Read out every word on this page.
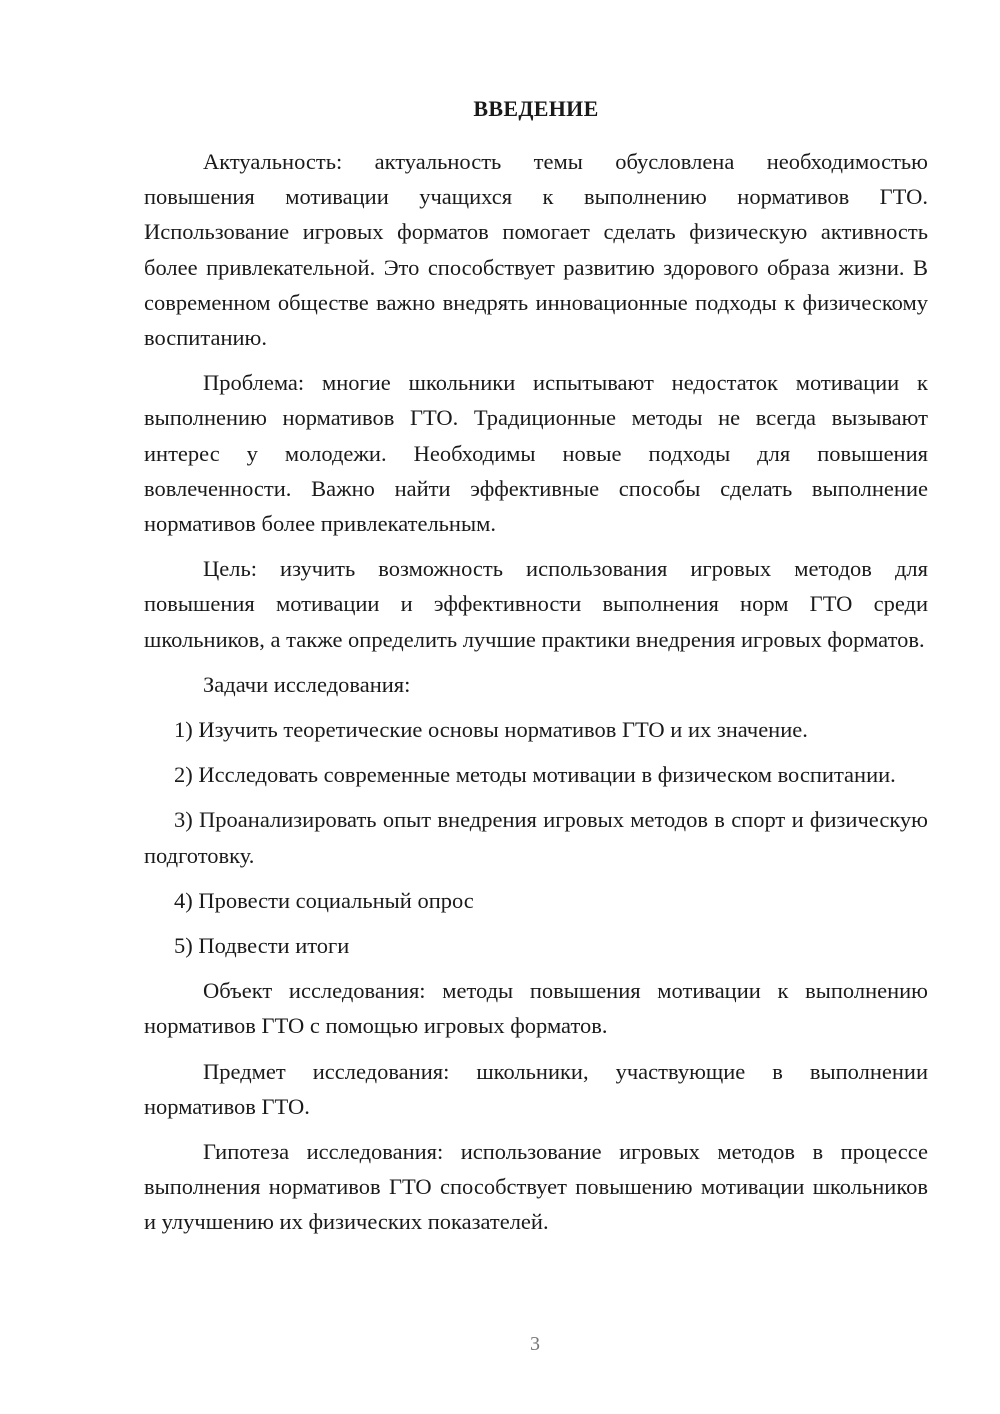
ВВЕДЕНИЕ

Актуальность: актуальность темы обусловлена необходимостью повышения мотивации учащихся к выполнению нормативов ГТО. Использование игровых форматов помогает сделать физическую активность более привлекательной. Это способствует развитию здорового образа жизни. В современном обществе важно внедрять инновационные подходы к физическому воспитанию.

Проблема: многие школьники испытывают недостаток мотивации к выполнению нормативов ГТО. Традиционные методы не всегда вызывают интерес у молодежи. Необходимы новые подходы для повышения вовлеченности. Важно найти эффективные способы сделать выполнение нормативов более привлекательным.

Цель: изучить возможность использования игровых методов для повышения мотивации и эффективности выполнения норм ГТО среди школьников, а также определить лучшие практики внедрения игровых форматов.

Задачи исследования:

1) Изучить теоретические основы нормативов ГТО и их значение.

2) Исследовать современные методы мотивации в физическом воспитании.

3) Проанализировать опыт внедрения игровых методов в спорт и физическую подготовку.

4) Провести социальный опрос

5) Подвести итоги

Объект исследования: методы повышения мотивации к выполнению нормативов ГТО с помощью игровых форматов.

Предмет исследования: школьники, участвующие в выполнении нормативов ГТО.

Гипотеза исследования: использование игровых методов в процессе выполнения нормативов ГТО способствует повышению мотивации школьников и улучшению их физических показателей.

3
